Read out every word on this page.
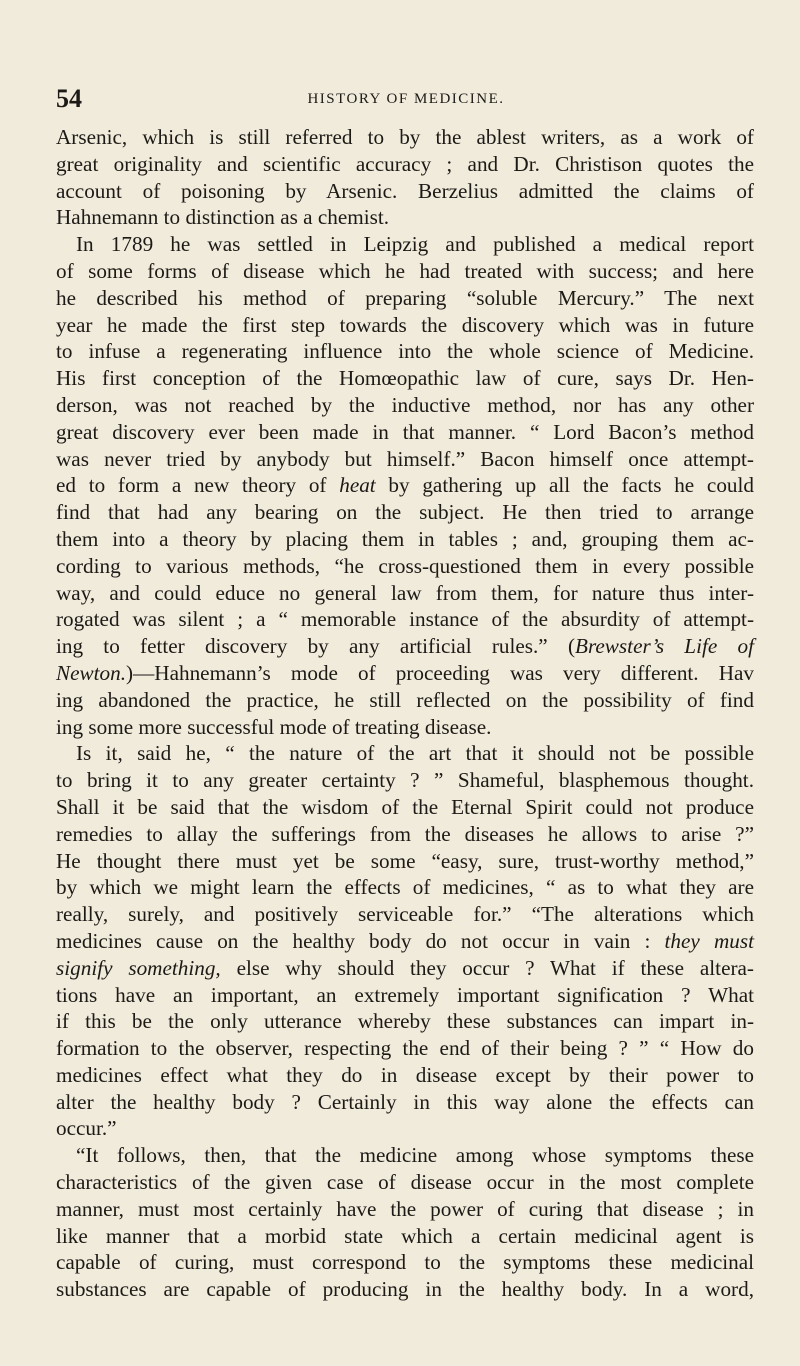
54	HISTORY OF MEDICINE.
Arsenic, which is still referred to by the ablest writers, as a work of
great originality and scientific accuracy ; and Dr. Christison quotes the
account of poisoning by Arsenic. Berzelius admitted the claims of
Hahnemann to distinction as a chemist.
In 1789 he was settled in Leipzig and published a medical report
of some forms of disease which he had treated with success; and here
he described his method of preparing “soluble Mercury.” The next
year he made the first step towards the discovery which was in future
to infuse a regenerating influence into the whole science of Medicine.
His first conception of the Homœopathic law of cure, says Dr. Hen-
derson, was not reached by the inductive method, nor has any other
great discovery ever been made in that manner. “ Lord Bacon’s method
was never tried by anybody but himself.” Bacon himself once attempt-
ed to form a new theory of heat by gathering up all the facts he could
find that had any bearing on the subject. He then tried to arrange
them into a theory by placing them in tables ; and, grouping them ac-
cording to various methods, “he cross-questioned them in every possible
way, and could educe no general law from them, for nature thus inter-
rogated was silent ; a “ memorable instance of the absurdity of attempt-
ing to fetter discovery by any artificial rules.” (Brewster’s Life of
Newton.)—Hahnemann’s mode of proceeding was very different. Hav
ing abandoned the practice, he still reflected on the possibility of find
ing some more successful mode of treating disease.
Is it, said he, “ the nature of the art that it should not be possible
to bring it to any greater certainty ? ” Shameful, blasphemous thought.
Shall it be said that the wisdom of the Eternal Spirit could not produce
remedies to allay the sufferings from the diseases he allows to arise ?”
He thought there must yet be some “easy, sure, trust-worthy method,”
by which we might learn the effects of medicines, “ as to what they are
really, surely, and positively serviceable for.” “The alterations which
medicines cause on the healthy body do not occur in vain : they must
signify something, else why should they occur ? What if these altera-
tions have an important, an extremely important signification ? What
if this be the only utterance whereby these substances can impart in-
formation to the observer, respecting the end of their being ? ” “ How do
medicines effect what they do in disease except by their power to
alter the healthy body ? Certainly in this way alone the effects can
occur.”
“It follows, then, that the medicine among whose symptoms these
characteristics of the given case of disease occur in the most complete
manner, must most certainly have the power of curing that disease ; in
like manner that a morbid state which a certain medicinal agent is
capable of curing, must correspond to the symptoms these medicinal
substances are capable of producing in the healthy body. In a word,
